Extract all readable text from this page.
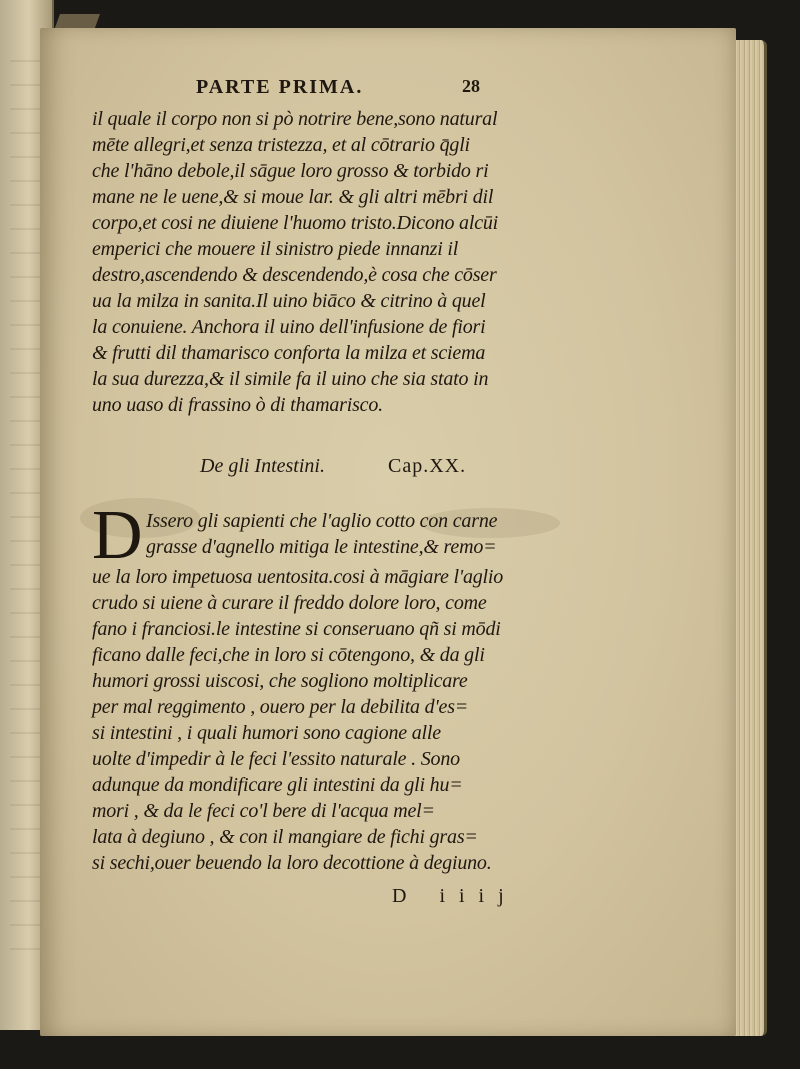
PARTE PRIMA.	28
il quale il corpo non si pò notrire bene,sono natural
mēte allegri,et senza tristezza, et al cōtrario q̄gli
che l'hāno debole,il sāgue loro grosso & torbido ri
mane ne le uene,& si moue lar. & gli altri mēbri dil
corpo,et cosi ne diuiene l'huomo tristo.Dicono alcūi
emperici che mouere il sinistro piede innanzi il
destro,ascendendo & descendendo,è cosa che cōser
ua la milza in sanita.Il uino biāco & citrino à quel
la conuiene. Anchora il uino dell'infusione de fiori
& frutti dil thamarisco conforta la milza et sciema
la sua durezza,& il simile fa il uino che sia stato in
uno uaso di frassino ò di thamarisco.
De gli Intestini.	Cap.XX.
D Issero gli sapienti che l'aglio cotto con carne
grasse d'agnello mitiga le intestine,& remo=
ue la loro impetuosa uentosita.cosi à māgiare l'aglio
crudo si uiene à curare il freddo dolore loro, come
fano i franciosi.le intestine si conseruano qñ si mōdi
ficano dalle feci,che in loro si cōtengono, & da gli
humori grossi uiscosi, che sogliono moltiplicare
per mal reggimento , ouero per la debilita d'es=
si intestini , i quali humori sono cagione alle
uolte d'impedir à le feci l'essito naturale . Sono
adunque da mondificare gli intestini da gli hu=
mori , & da le feci co'l bere di l'acqua mel=
lata à degiuno , & con il mangiare de fichi gras=
si sechi,ouer beuendo la loro decottione à degiuno.
D iiij
